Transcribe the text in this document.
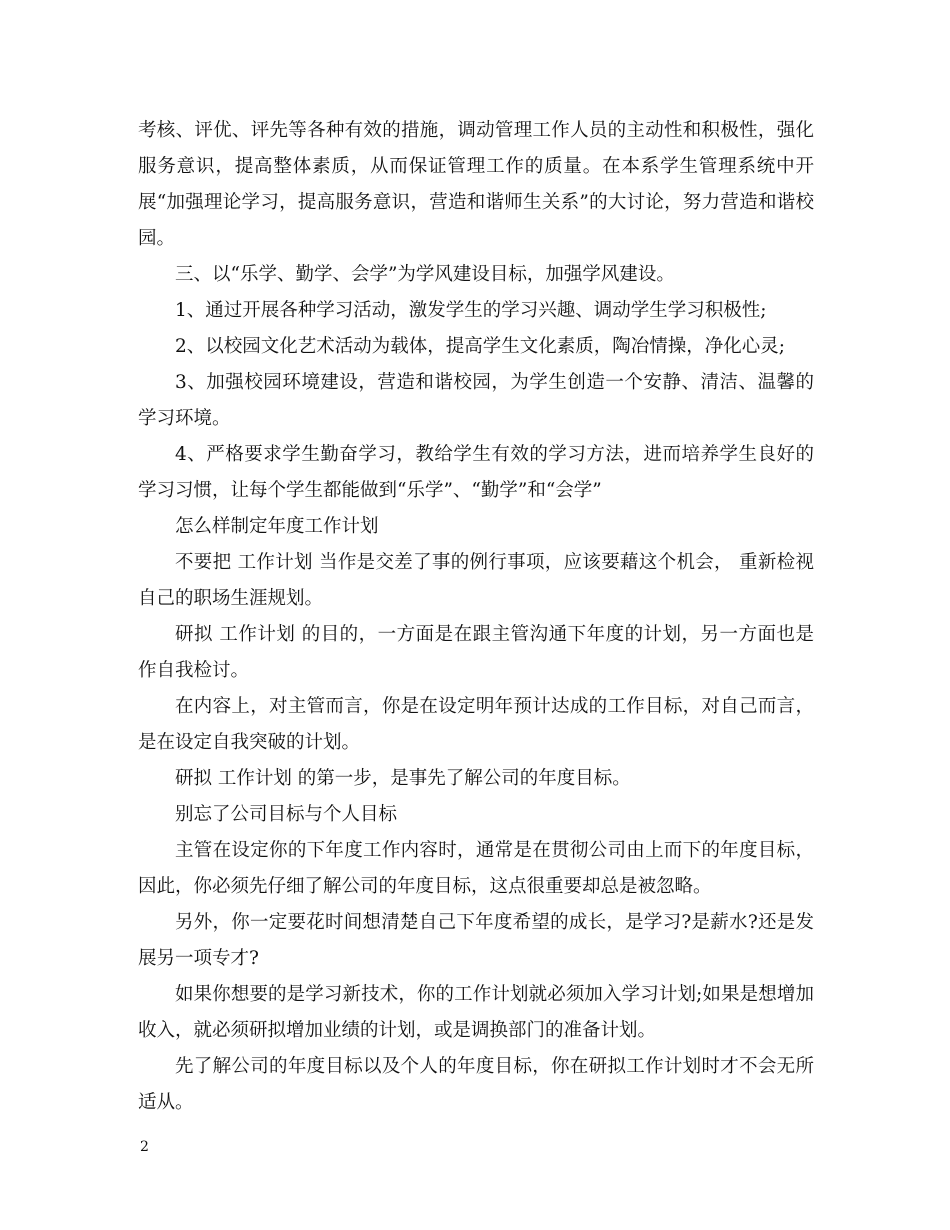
考核、评优、评先等各种有效的措施，调动管理工作人员的主动性和积极性，强化服务意识，提高整体素质，从而保证管理工作的质量。在本系学生管理系统中开展“加强理论学习，提高服务意识，营造和谐师生关系”的大讨论，努力营造和谐校园。

三、以“乐学、勤学、会学”为学风建设目标，加强学风建设。

1、通过开展各种学习活动，激发学生的学习兴趣、调动学生学习积极性;

2、以校园文化艺术活动为载体，提高学生文化素质，陶冶情操，净化心灵;

3、加强校园环境建设，营造和谐校园，为学生创造一个安静、清洁、温馨的学习环境。

4、严格要求学生勤奋学习，教给学生有效的学习方法，进而培养学生良好的学习习惯，让每个学生都能做到“乐学”、“勤学”和“会学”

怎么样制定年度工作计划

不要把 工作计划 当作是交差了事的例行事项，应该要藉这个机会， 重新检视自己的职场生涯规划。

研拟 工作计划 的目的，一方面是在跟主管沟通下年度的计划，另一方面也是作自我检讨。

在内容上，对主管而言，你是在设定明年预计达成的工作目标，对自己而言，是在设定自我突破的计划。

研拟 工作计划 的第一步，是事先了解公司的年度目标。

别忘了公司目标与个人目标

主管在设定你的下年度工作内容时，通常是在贯彻公司由上而下的年度目标，因此，你必须先仔细了解公司的年度目标，这点很重要却总是被忽略。

另外，你一定要花时间想清楚自己下年度希望的成长，是学习?是薪水?还是发展另一项专才?

如果你想要的是学习新技术，你的工作计划就必须加入学习计划;如果是想增加收入，就必须研拟增加业绩的计划，或是调换部门的准备计划。

先了解公司的年度目标以及个人的年度目标，你在研拟工作计划时才不会无所适从。

2
